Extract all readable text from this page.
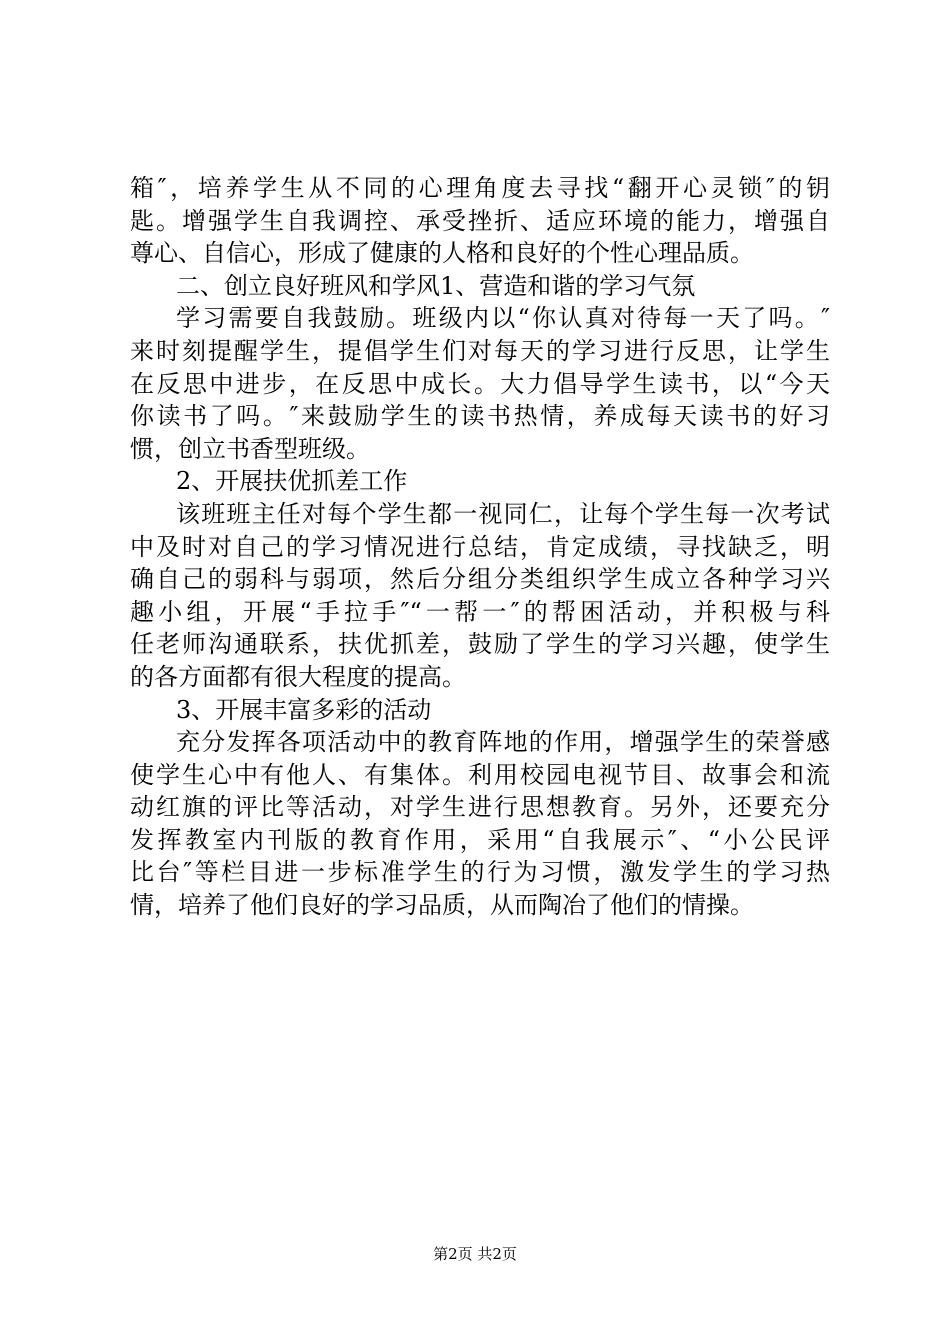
箱″，培养学生从不同的心理角度去寻找“翻开心灵锁″的钥
匙。增强学生自我调控、承受挫折、适应环境的能力，增强自
尊心、自信心，形成了健康的人格和良好的个性心理品质。
二、创立良好班风和学风1、营造和谐的学习气氛
学习需要自我鼓励。班级内以“你认真对待每一天了吗。″
来时刻提醒学生，提倡学生们对每天的学习进行反思，让学生
在反思中进步，在反思中成长。大力倡导学生读书，以“今天
你读书了吗。″来鼓励学生的读书热情，养成每天读书的好习
惯，创立书香型班级。
2、开展扶优抓差工作
该班班主任对每个学生都一视同仁，让每个学生每一次考试
中及时对自己的学习情况进行总结，肯定成绩，寻找缺乏，明
确自己的弱科与弱项，然后分组分类组织学生成立各种学习兴
趣小组，开展“手拉手″“一帮一″的帮困活动，并积极与科
任老师沟通联系，扶优抓差，鼓励了学生的学习兴趣，使学生
的各方面都有很大程度的提高。
3、开展丰富多彩的活动
充分发挥各项活动中的教育阵地的作用，增强学生的荣誉感
使学生心中有他人、有集体。利用校园电视节目、故事会和流
动红旗的评比等活动，对学生进行思想教育。另外，还要充分
发挥教室内刊版的教育作用，采用“自我展示″、“小公民评
比台″等栏目进一步标准学生的行为习惯，激发学生的学习热
情，培养了他们良好的学习品质，从而陶冶了他们的情操。
第2页 共2页
